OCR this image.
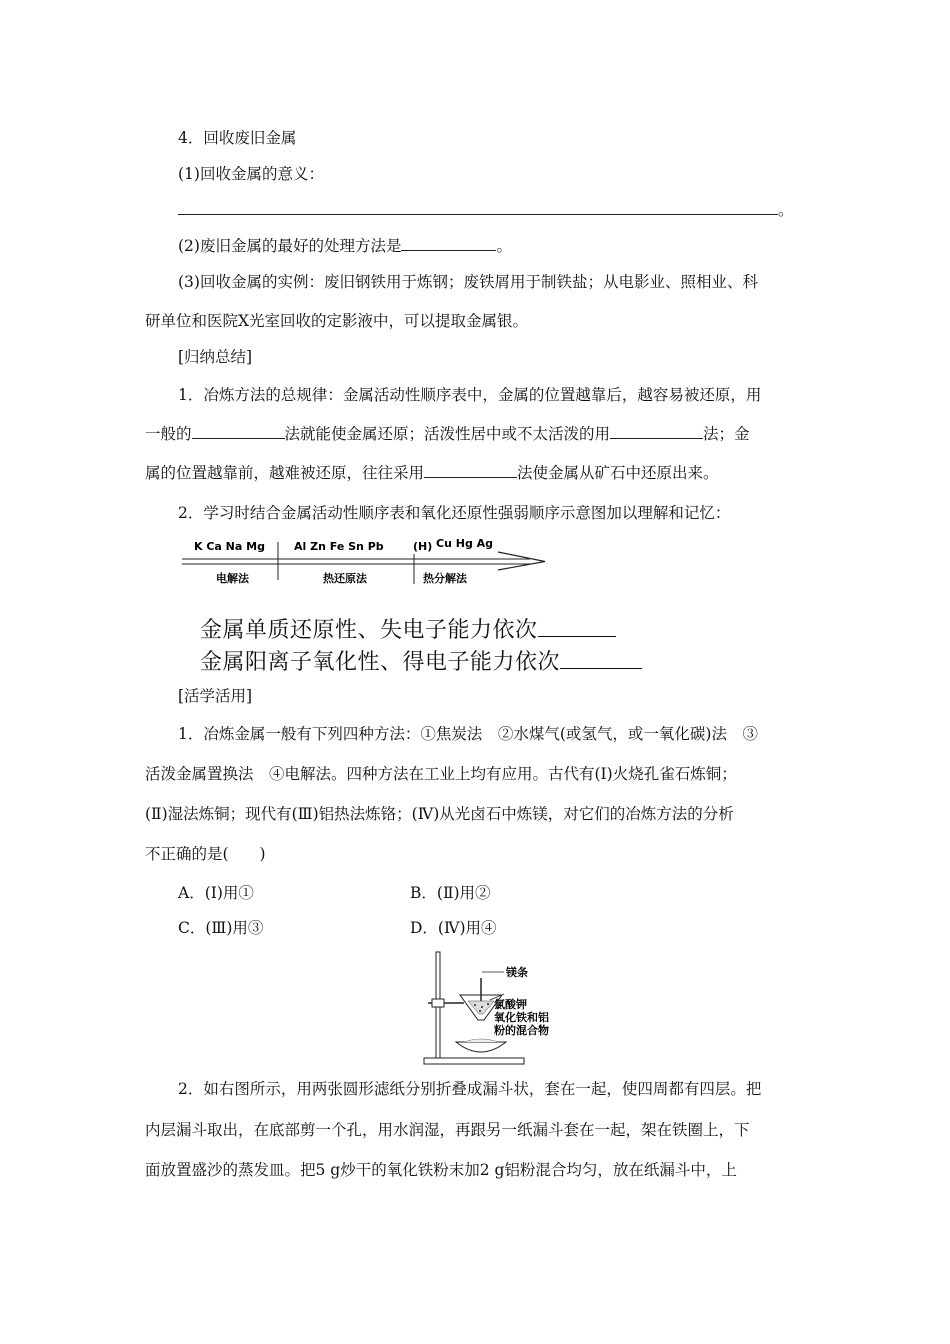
4．回收废旧金属
(1)回收金属的意义：
。
(2)废旧金属的最好的处理方法是	。
(3)回收金属的实例：废旧钢铁用于炼钢；废铁屑用于制铁盐；从电影业、照相业、科
研单位和医院X光室回收的定影液中，可以提取金属银。
[归纳总结]
1．冶炼方法的总规律：金属活动性顺序表中，金属的位置越靠后，越容易被还原，用
一般的	法就能使金属还原；活泼性居中或不太活泼的用	法；金
属的位置越靠前，越难被还原，往往采用	法使金属从矿石中还原出来。
2．学习时结合金属活动性顺序表和氧化还原性强弱顺序示意图加以理解和记忆：
K Ca Na Mg	Al Zn Fe Sn Pb	(H) Cu Hg Ag
电解法	热还原法	热分解法
金属单质还原性、失电子能力依次
金属阳离子氧化性、得电子能力依次
[活学活用]
1．冶炼金属一般有下列四种方法：①焦炭法　②水煤气(或氢气，或一氧化碳)法　③
活泼金属置换法　④电解法。四种方法在工业上均有应用。古代有(Ⅰ)火烧孔雀石炼铜；
(Ⅱ)湿法炼铜；现代有(Ⅲ)铝热法炼铬；(Ⅳ)从光卤石中炼镁，对它们的冶炼方法的分析
不正确的是(　　)
A．(Ⅰ)用①	B．(Ⅱ)用②
C．(Ⅲ)用③	D．(Ⅳ)用④
镁条
氯酸钾
氧化铁和铝
粉的混合物
2．如右图所示，用两张圆形滤纸分别折叠成漏斗状，套在一起，使四周都有四层。把
内层漏斗取出，在底部剪一个孔，用水润湿，再跟另一纸漏斗套在一起，架在铁圈上，下
面放置盛沙的蒸发皿。把5 g炒干的氧化铁粉末加2 g铝粉混合均匀，放在纸漏斗中，上
